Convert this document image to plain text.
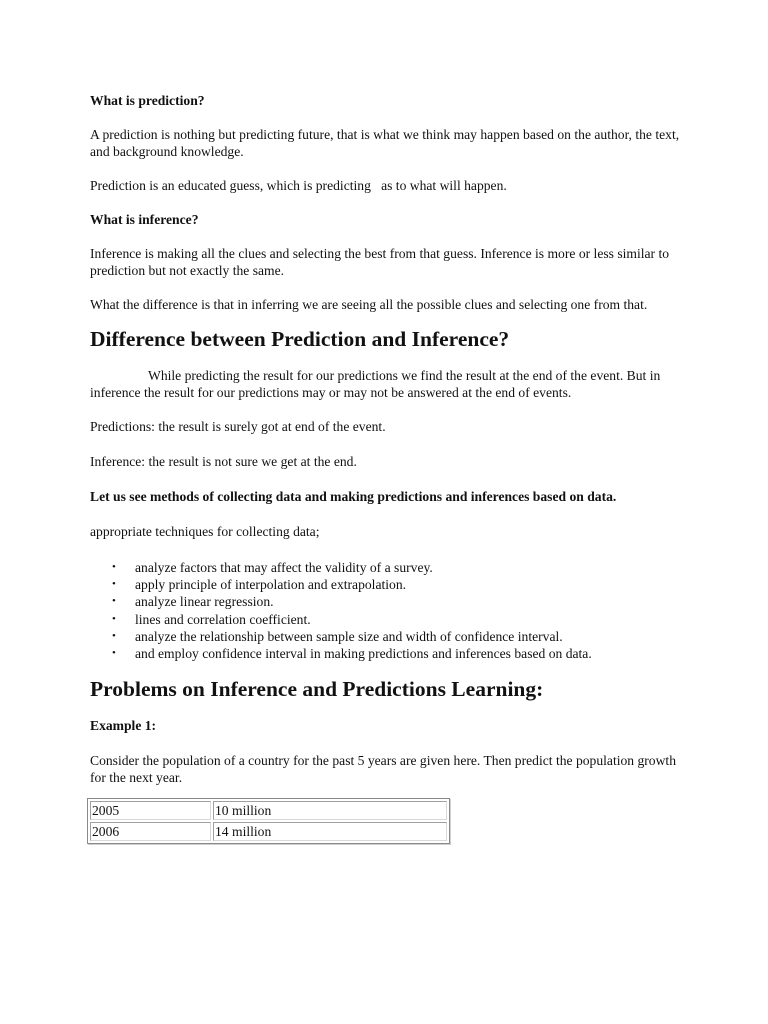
What is prediction?

A prediction is nothing but predicting future, that is what we think may happen based on the author, the text, and background knowledge.

Prediction is an educated guess, which is predicting   as to what will happen.

What is inference?

Inference is making all the clues and selecting the best from that guess. Inference is more or less similar to prediction but not exactly the same.

What the difference is that in inferring we are seeing all the possible clues and selecting one from that.

Difference between Prediction and Inference?

While predicting the result for our predictions we find the result at the end of the event. But in inference the result for our predictions may or may not be answered at the end of events.

Predictions: the result is surely got at end of the event.

Inference: the result is not sure we get at the end.

Let us see methods of collecting data and making predictions and inferences based on data.

appropriate techniques for collecting data;

• analyze factors that may affect the validity of a survey.
• apply principle of interpolation and extrapolation.
• analyze linear regression.
• lines and correlation coefficient.
• analyze the relationship between sample size and width of confidence interval.
• and employ confidence interval in making predictions and inferences based on data.

Problems on Inference and Predictions Learning:

Example 1:

Consider the population of a country for the past 5 years are given here. Then predict the population growth for the next year.

2005	10 million
2006	14 million
